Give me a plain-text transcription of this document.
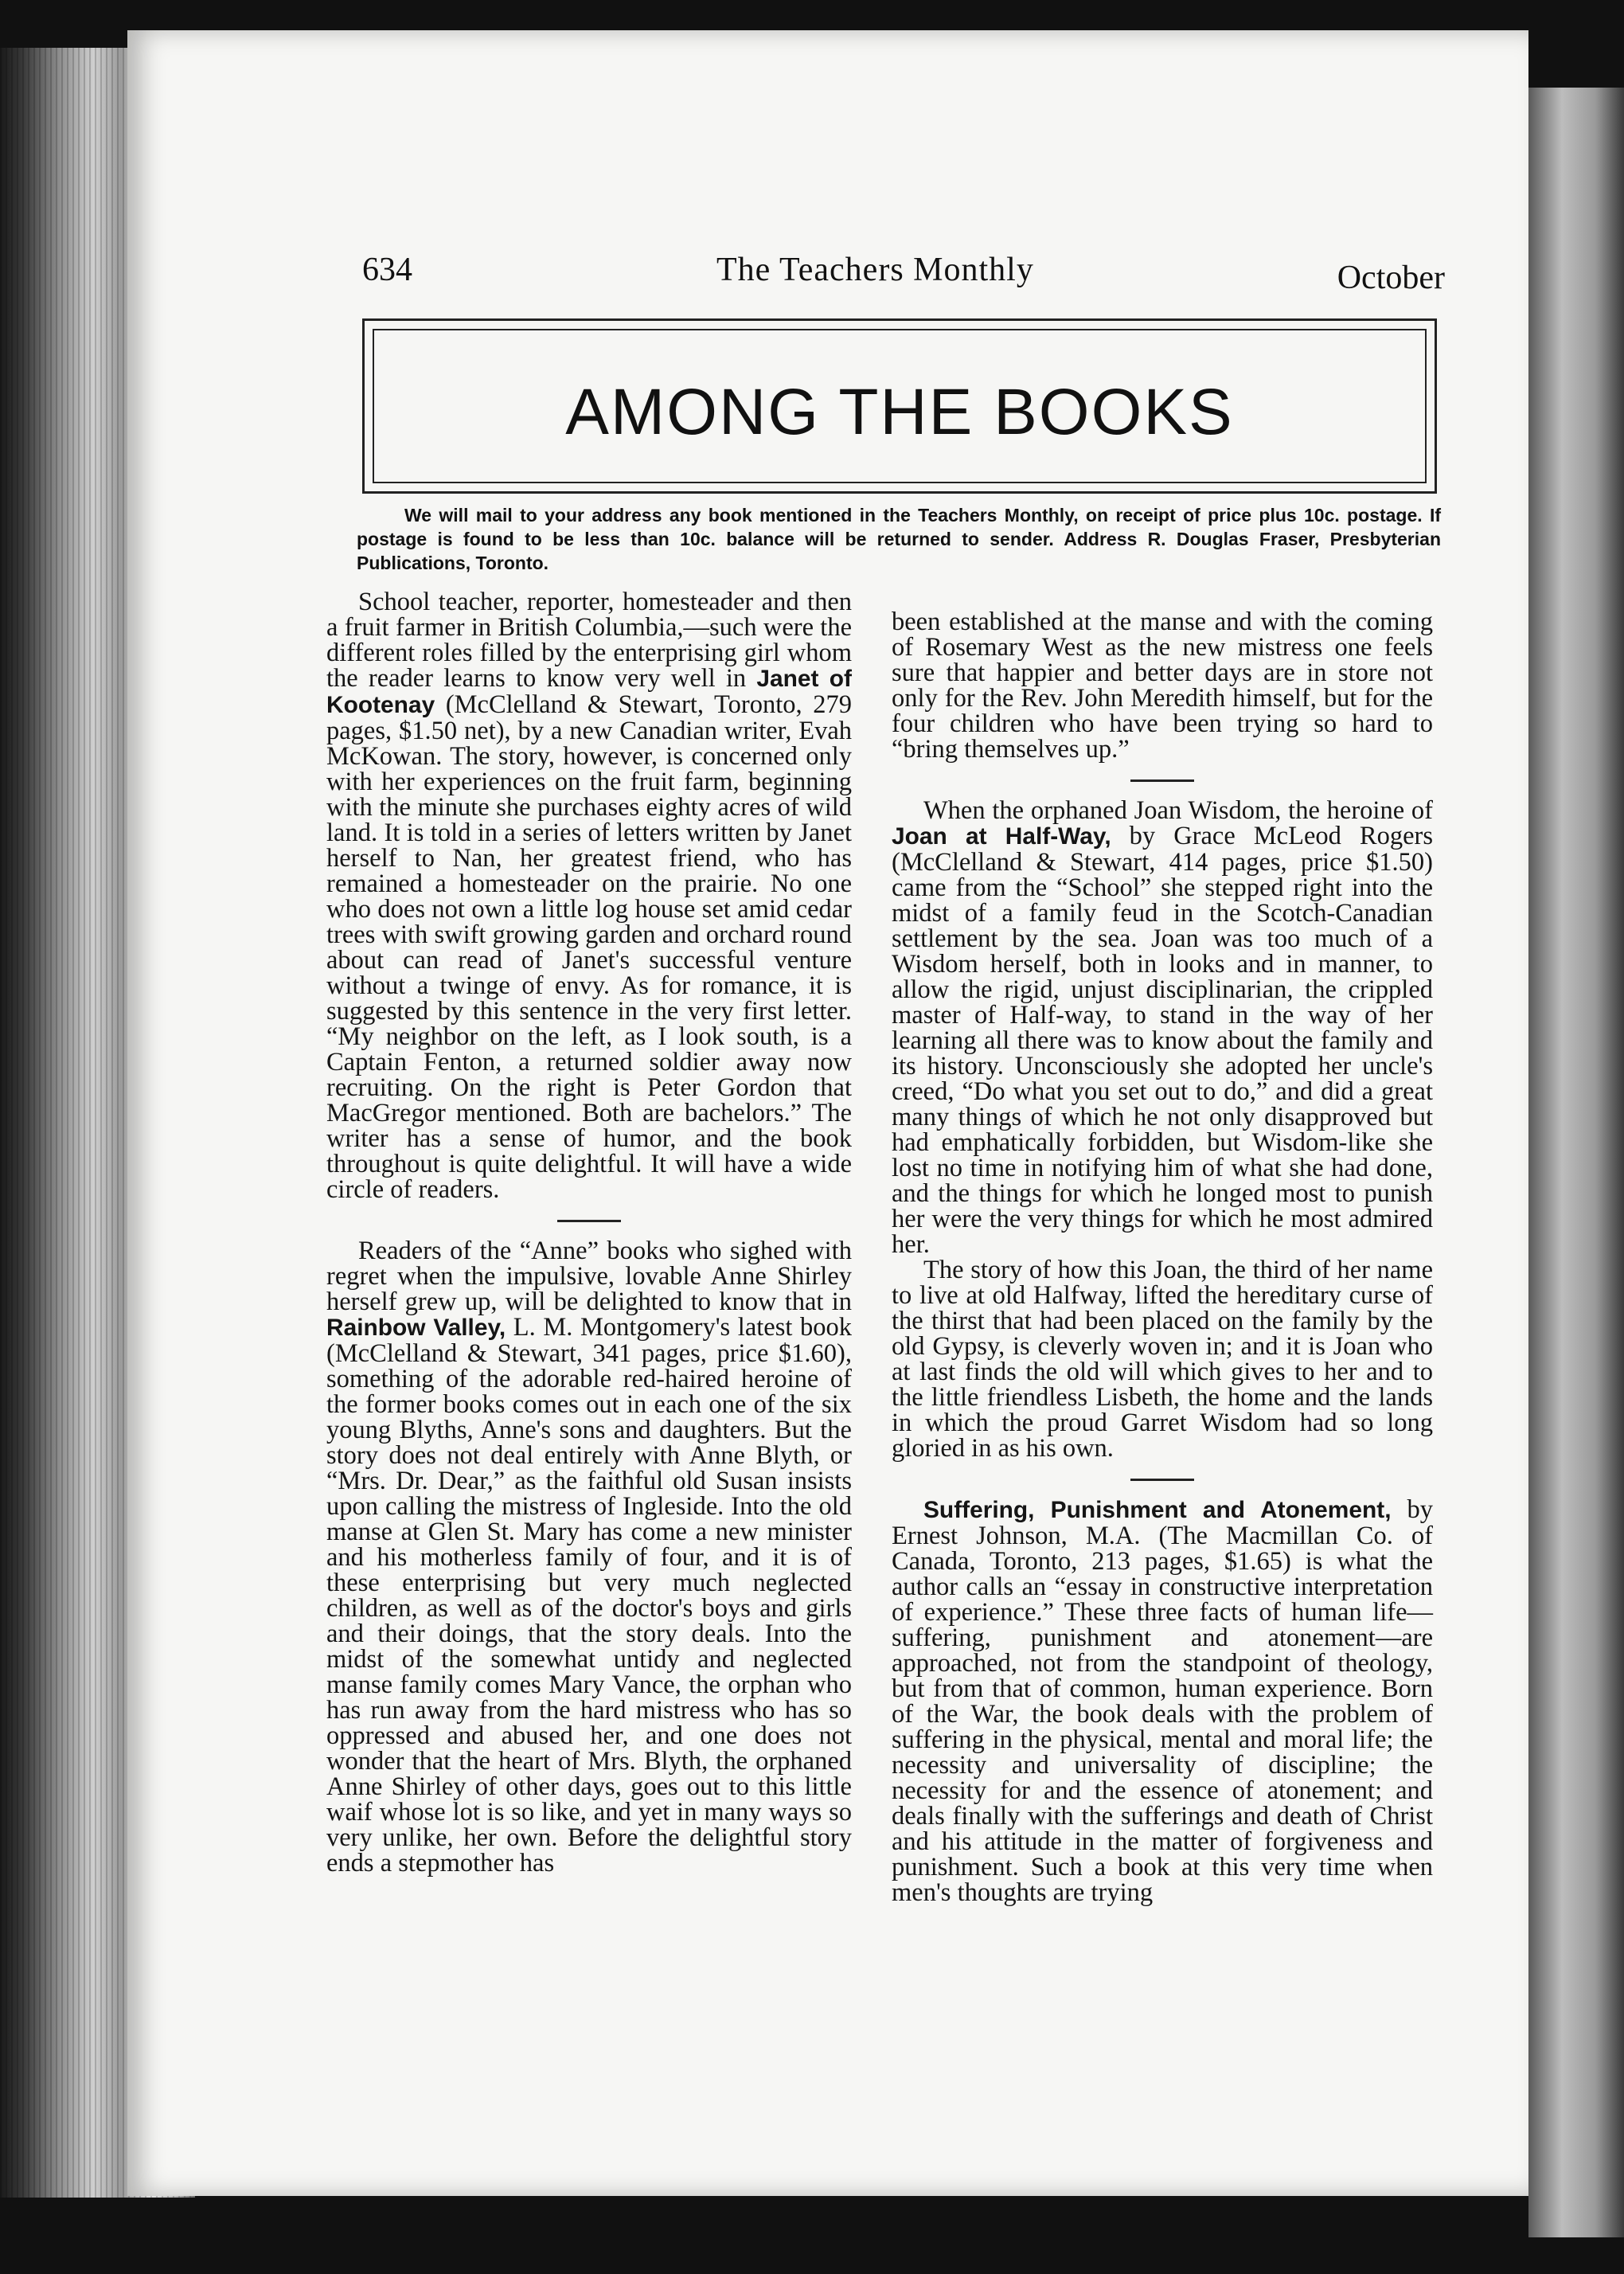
634	The Teachers Monthly	October
AMONG THE BOOKS
We will mail to your address any book mentioned in the Teachers Monthly, on receipt of price plus 10c. postage. If postage is found to be less than 10c. balance will be returned to sender. Address R. Douglas Fraser, Presbyterian Publications, Toronto.

School teacher, reporter, homesteader and then a fruit farmer in British Columbia,—such were the different roles filled by the enterprising girl whom the reader learns to know very well in Janet of Kootenay (McClelland & Stewart, Toronto, 279 pages, $1.50 net), by a new Canadian writer, Evah McKowan. The story, however, is concerned only with her experiences on the fruit farm, beginning with the minute she purchases eighty acres of wild land. It is told in a series of letters written by Janet herself to Nan, her greatest friend, who has remained a homesteader on the prairie. No one who does not own a little log house set amid cedar trees with swift growing garden and orchard round about can read of Janet's successful venture without a twinge of envy. As for romance, it is suggested by this sentence in the very first letter. “My neighbor on the left, as I look south, is a Captain Fenton, a returned soldier away now recruiting. On the right is Peter Gordon that MacGregor mentioned. Both are bachelors.” The writer has a sense of humor, and the book throughout is quite delightful. It will have a wide circle of readers.

Readers of the “Anne” books who sighed with regret when the impulsive, lovable Anne Shirley herself grew up, will be delighted to know that in Rainbow Valley, L. M. Montgomery's latest book (McClelland & Stewart, 341 pages, price $1.60), something of the adorable red-haired heroine of the former books comes out in each one of the six young Blyths, Anne's sons and daughters. But the story does not deal entirely with Anne Blyth, or “Mrs. Dr. Dear,” as the faithful old Susan insists upon calling the mistress of Ingleside. Into the old manse at Glen St. Mary has come a new minister and his motherless family of four, and it is of these enterprising but very much neglected children, as well as of the doctor's boys and girls and their doings, that the story deals. Into the midst of the somewhat untidy and neglected manse family comes Mary Vance, the orphan who has run away from the hard mistress who has so oppressed and abused her, and one does not wonder that the heart of Mrs. Blyth, the orphaned Anne Shirley of other days, goes out to this little waif whose lot is so like, and yet in many ways so very unlike, her own. Before the delightful story ends a stepmother has

been established at the manse and with the coming of Rosemary West as the new mistress one feels sure that happier and better days are in store not only for the Rev. John Meredith himself, but for the four children who have been trying so hard to “bring themselves up.”

When the orphaned Joan Wisdom, the heroine of Joan at Half-Way, by Grace McLeod Rogers (McClelland & Stewart, 414 pages, price $1.50) came from the “School” she stepped right into the midst of a family feud in the Scotch-Canadian settlement by the sea. Joan was too much of a Wisdom herself, both in looks and in manner, to allow the rigid, unjust disciplinarian, the crippled master of Half-way, to stand in the way of her learning all there was to know about the family and its history. Unconsciously she adopted her uncle's creed, “Do what you set out to do,” and did a great many things of which he not only disapproved but had emphatically forbidden, but Wisdom-like she lost no time in notifying him of what she had done, and the things for which he longed most to punish her were the very things for which he most admired her.

The story of how this Joan, the third of her name to live at old Halfway, lifted the hereditary curse of the thirst that had been placed on the family by the old Gypsy, is cleverly woven in; and it is Joan who at last finds the old will which gives to her and to the little friendless Lisbeth, the home and the lands in which the proud Garret Wisdom had so long gloried in as his own.

Suffering, Punishment and Atonement, by Ernest Johnson, M.A. (The Macmillan Co. of Canada, Toronto, 213 pages, $1.65) is what the author calls an “essay in constructive interpretation of experience.” These three facts of human life—suffering, punishment and atonement—are approached, not from the standpoint of theology, but from that of common, human experience. Born of the War, the book deals with the problem of suffering in the physical, mental and moral life; the necessity and universality of discipline; the necessity for and the essence of atonement; and deals finally with the sufferings and death of Christ and his attitude in the matter of forgiveness and punishment. Such a book at this very time when men's thoughts are trying
